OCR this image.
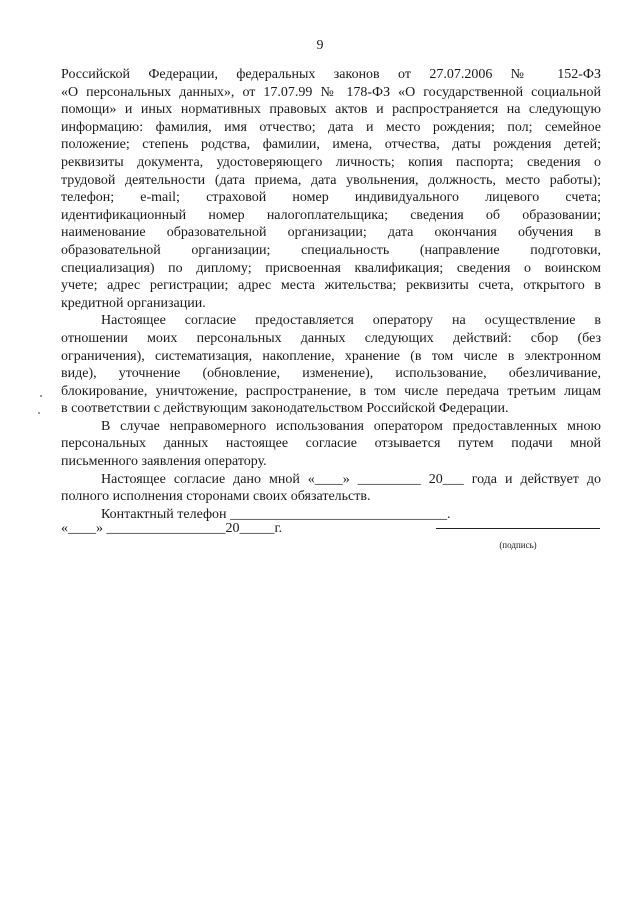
9
Российской Федерации, федеральных законов от 27.07.2006 № 152-ФЗ
«О персональных данных», от 17.07.99 № 178-ФЗ «О государственной социальной
помощи» и иных нормативных правовых актов и распространяется на следующую
информацию: фамилия, имя отчество; дата и место рождения; пол; семейное
положение; степень родства, фамилии, имена, отчества, даты рождения детей;
реквизиты документа, удостоверяющего личность; копия паспорта; сведения о
трудовой деятельности (дата приема, дата увольнения, должность, место работы);
телефон; e-mail; страховой номер индивидуального лицевого счета;
идентификационный номер налогоплательщика; сведения об образовании;
наименование образовательной организации; дата окончания обучения в
образовательной организации; специальность (направление подготовки,
специализация) по диплому; присвоенная квалификация; сведения о воинском
учете; адрес регистрации; адрес места жительства; реквизиты счета, открытого в
кредитной организации.
Настоящее согласие предоставляется оператору на осуществление в
отношении моих персональных данных следующих действий: сбор (без
ограничения), систематизация, накопление, хранение (в том числе в электронном
виде), уточнение (обновление, изменение), использование, обезличивание,
блокирование, уничтожение, распространение, в том числе передача третьим лицам
в соответствии с действующим законодательством Российской Федерации.
В случае неправомерного использования оператором предоставленных мною
персональных данных настоящее согласие отзывается путем подачи мной
письменного заявления оператору.
Настоящее согласие дано мной «____» _________ 20___ года и действует до
полного исполнения сторонами своих обязательств.
Контактный телефон _______________________________.
«____» _________________20_____г.
(подпись)
